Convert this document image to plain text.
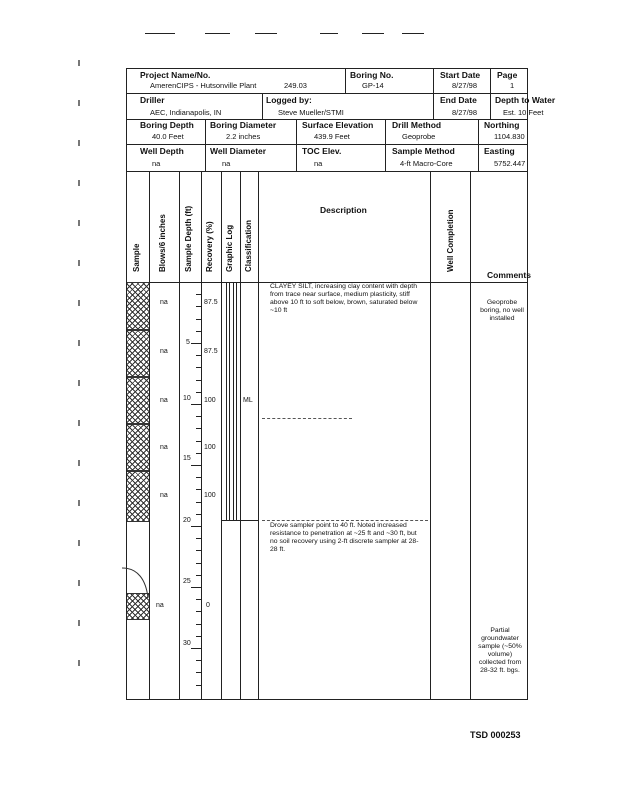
Project Name/No.
AmerenCIPS - Hutsonville Plant	249.03
Boring No.
GP-14
Start Date
8/27/98
Page
1
Driller
AEC, Indianapolis, IN
Logged by:
Steve Mueller/STMI
End Date
8/27/98
Depth to Water
Est. 10 Feet
Boring Depth
40.0 Feet
Boring Diameter
2.2 inches
Surface Elevation
439.9 Feet
Drill Method
Geoprobe
Northing
1104.830
Well Depth
na
Well Diameter
na
TOC Elev.
na
Sample Method
4-ft Macro-Core
Easting
5752.447
Sample Blows/6 inches Sample Depth (ft) Recovery (%) Graphic Log Classification
Description	Well Completion
Comments
5
10
15
20
25
30
na
na
na
na
na
na
87.5
87.5
100
100
100
0
ML
CLAYEY SILT, increasing clay content with depth from trace near surface, medium plasticity, stiff above 10 ft to soft below, brown, saturated below ~10 ft
Drove sampler point to 40 ft. Noted increased resistance to penetration at ~25 ft and ~30 ft, but no soil recovery using 2-ft discrete sampler at 28-28 ft.
Geoprobe boring, no well installed
Partial groundwater sample (~50% volume) collected from 28-32 ft. bgs.
TSD 000253
